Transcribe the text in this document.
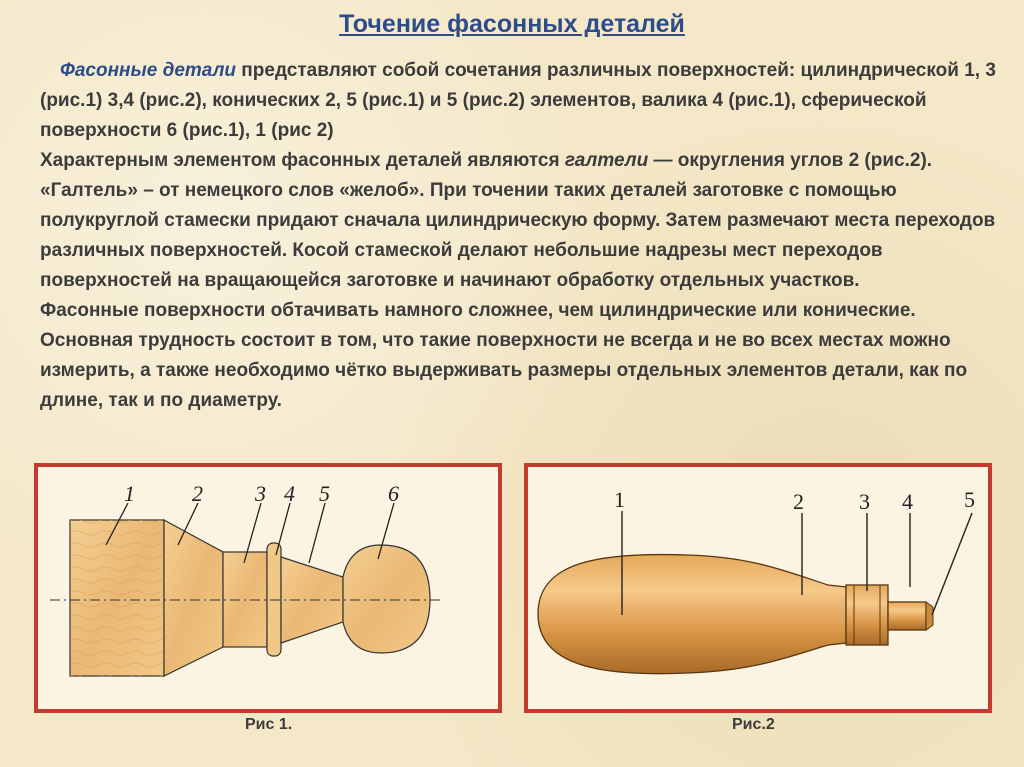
Точение фасонных деталей

Фасонные детали представляют собой сочетания различных поверхностей: цилиндрической 1, 3 (рис.1) 3,4 (рис.2), конических 2, 5 (рис.1) и 5 (рис.2) элементов, валика 4 (рис.1), сферической поверхности 6 (рис.1), 1 (рис 2)

Характерным элементом фасонных деталей являются галтели — округления углов 2 (рис.2). «Галтель» – от немецкого слов «желоб». При точении таких деталей заготовке с помощью полукруглой стамески придают сначала цилиндрическую форму. Затем размечают места переходов различных поверхностей. Косой стамеской делают небольшие надрезы мест переходов поверхностей на вращающейся заготовке и начинают обработку отдельных участков.

Фасонные поверхности обтачивать намного сложнее, чем цилиндрические или конические. Основная трудность состоит в том, что такие поверхности не всегда и не во всех местах можно измерить, а также необходимо чётко выдерживать размеры отдельных элементов детали, как по длине, так и по диаметру.

1	2 3 4 5	6	1	2	3 4 5
Рис 1.	Рис.2
